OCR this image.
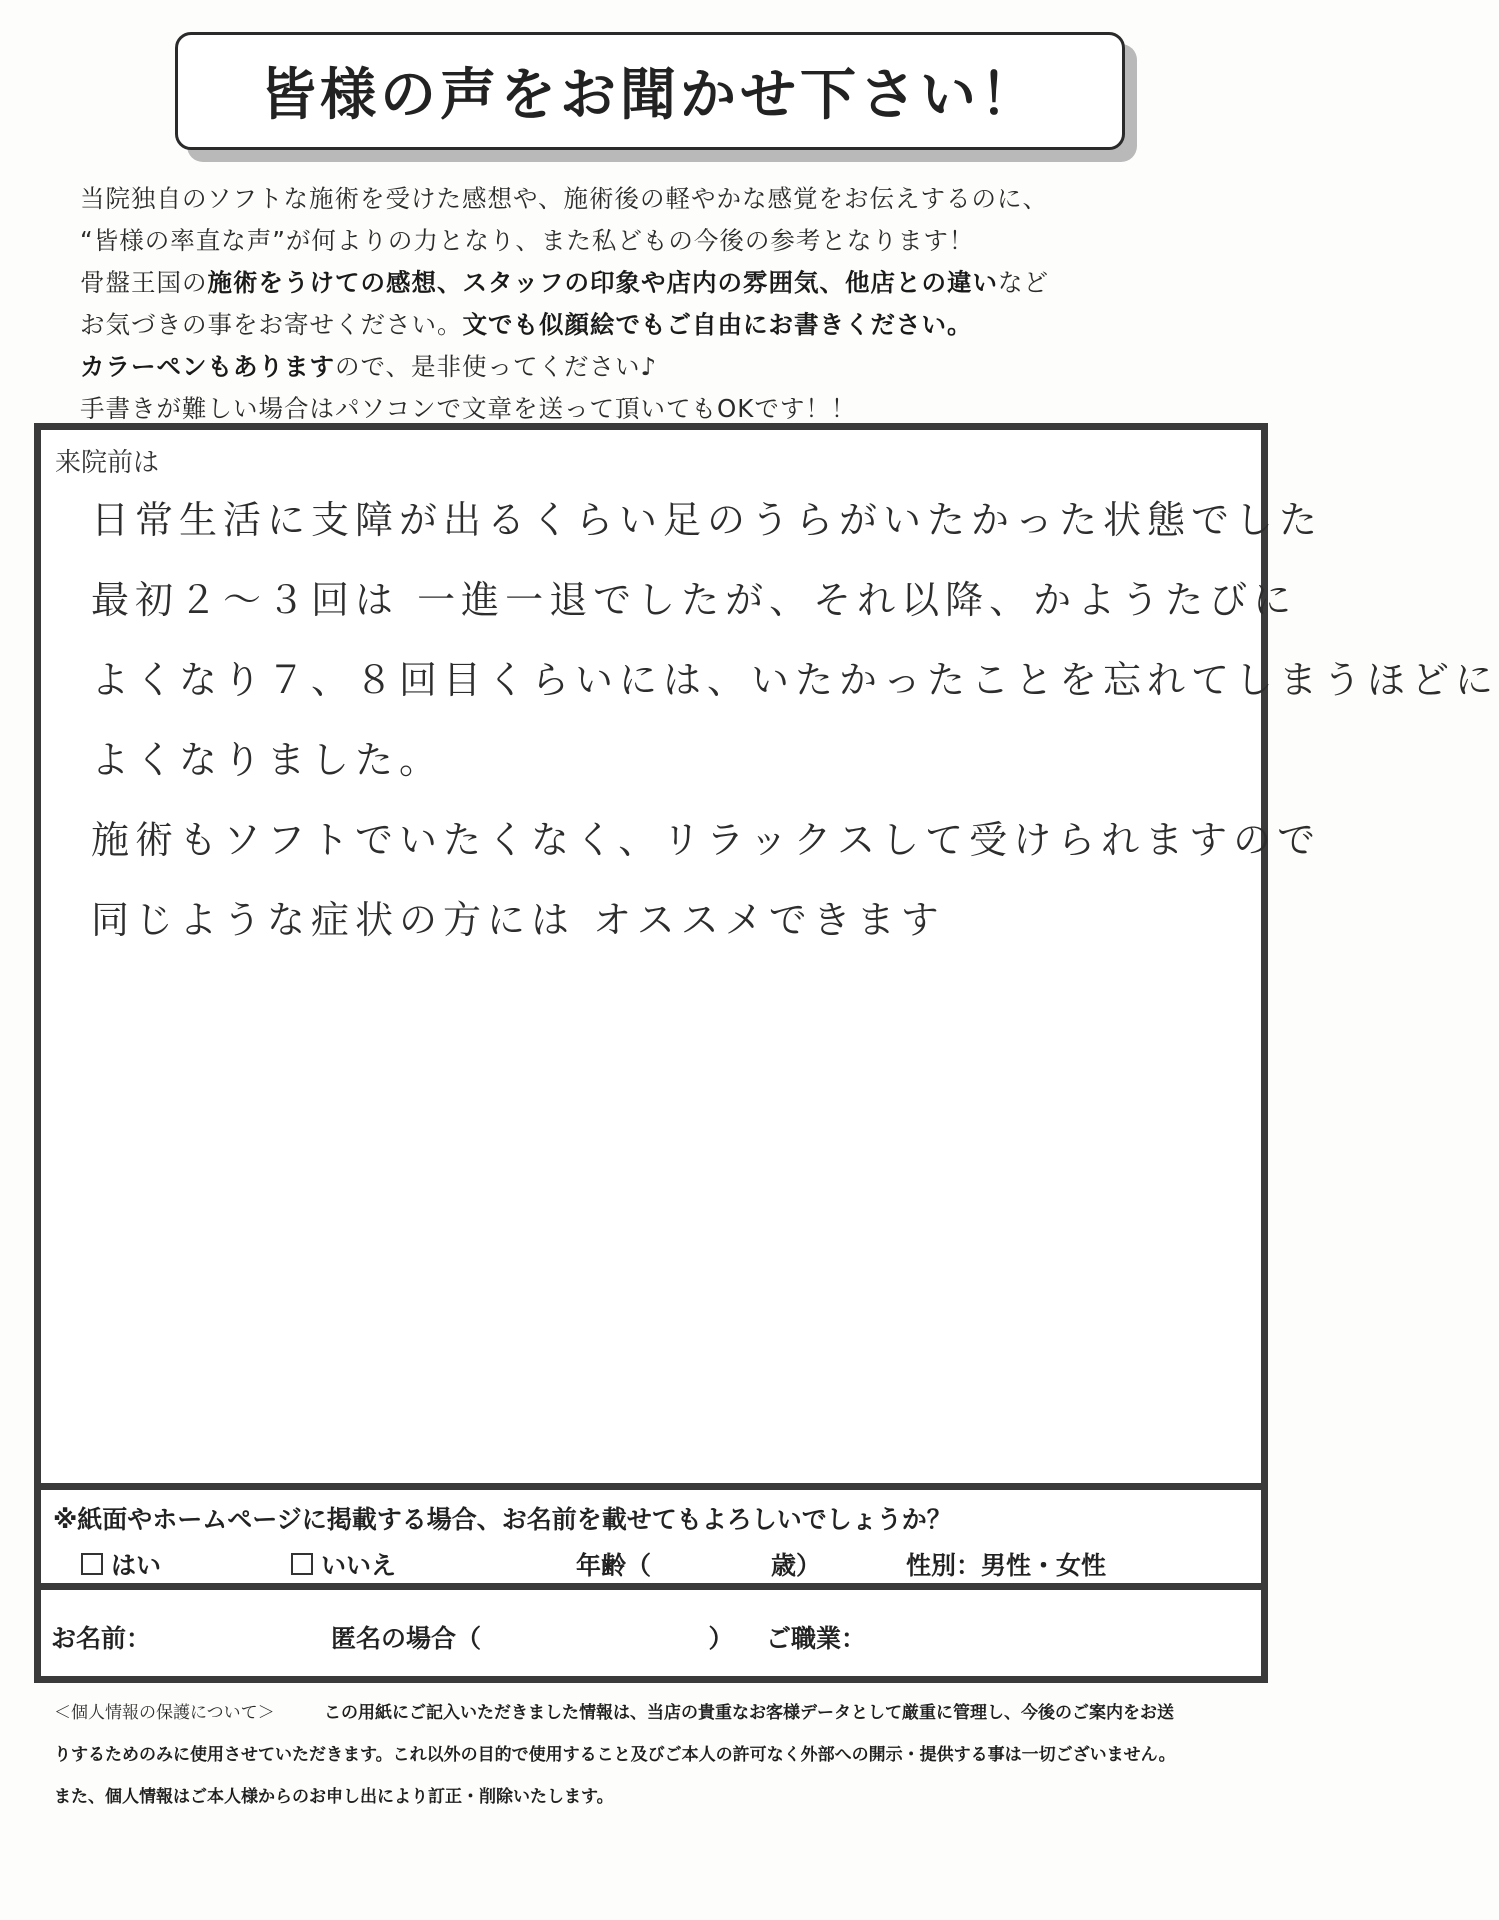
皆様の声をお聞かせ下さい！
当院独自のソフトな施術を受けた感想や、施術後の軽やかな感覚をお伝えするのに、
“皆様の率直な声”が何よりの力となり、また私どもの今後の参考となります！
骨盤王国の施術をうけての感想、スタッフの印象や店内の雰囲気、他店との違いなど
お気づきの事をお寄せください。文でも似顔絵でもご自由にお書きください。
カラーペンもありますので、是非使ってください♪
手書きが難しい場合はパソコンで文章を送って頂いてもOKです！！
来院前は
日常生活に支障が出るくらい足のうらがいたかった状態でした
最初２～３回は 一進一退でしたが、それ以降、かようたびに
よくなり７、８回目くらいには、いたかったことを忘れてしまうほどに
よくなりました。
施術もソフトでいたくなく、リラックスして受けられますので
同じような症状の方には オススメできます
※紙面やホームページに掲載する場合、お名前を載せてもよろしいでしょうか？
はい	いいえ	年齢（	歳）	性別：男性・女性
お名前：	匿名の場合（	） ご職業：
＜個人情報の保護について＞	この用紙にご記入いただきました情報は、当店の貴重なお客様データとして厳重に管理し、今後のご案内をお送
りするためのみに使用させていただきます。これ以外の目的で使用すること及びご本人の許可なく外部への開示・提供する事は一切ございません。
また、個人情報はご本人様からのお申し出により訂正・削除いたします。
